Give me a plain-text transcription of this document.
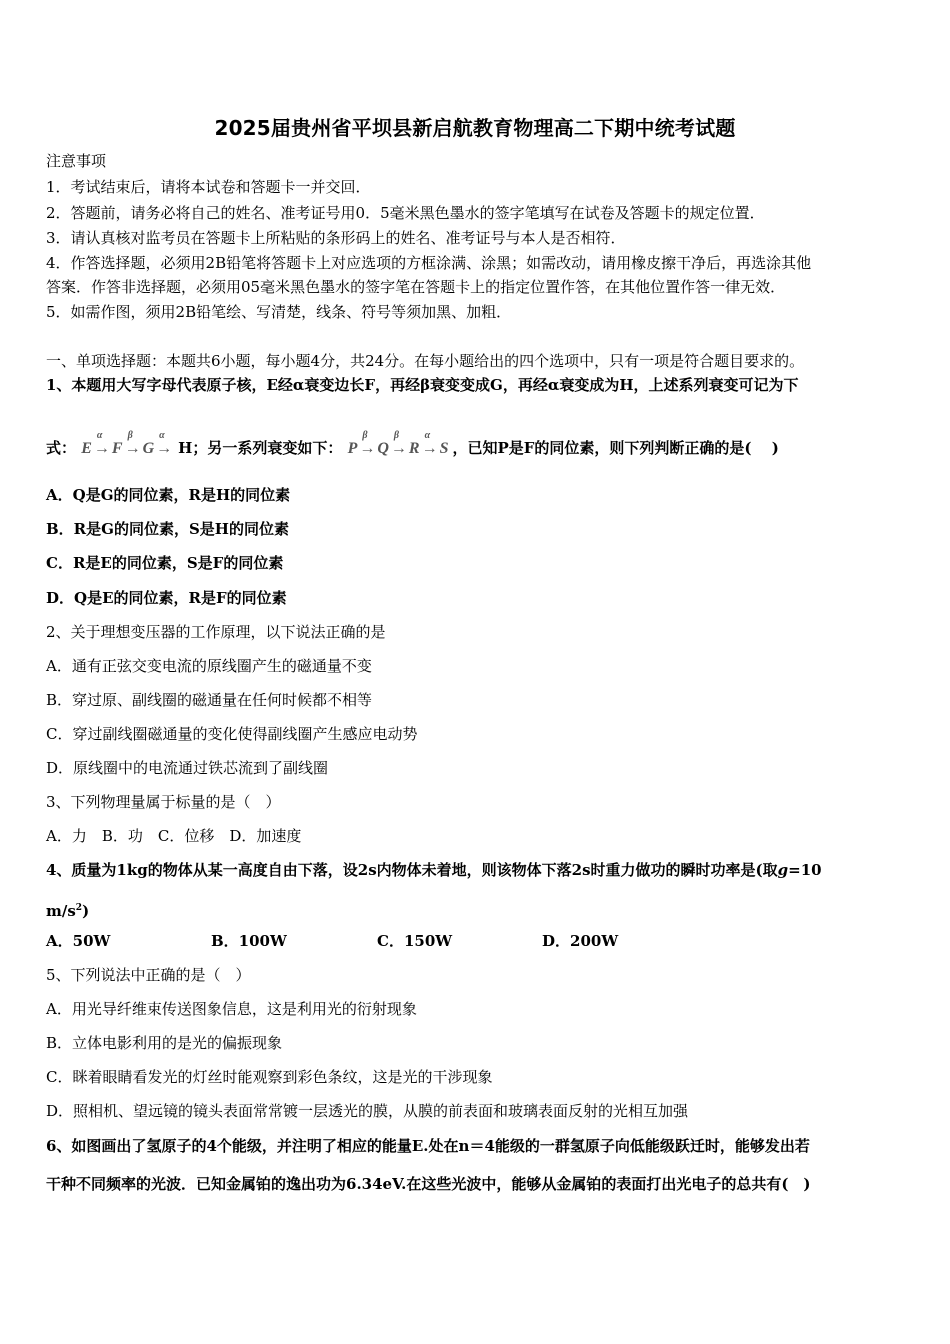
2025届贵州省平坝县新启航教育物理高二下期中统考试题
注意事项
1．考试结束后，请将本试卷和答题卡一并交回．
2．答题前，请务必将自己的姓名、准考证号用0．5毫米黑色墨水的签字笔填写在试卷及答题卡的规定位置．
3．请认真核对监考员在答题卡上所粘贴的条形码上的姓名、准考证号与本人是否相符．
4．作答选择题，必须用2B铅笔将答题卡上对应选项的方框涂满、涂黑；如需改动，请用橡皮擦干净后，再选涂其他
答案．作答非选择题，必须用05毫米黑色墨水的签字笔在答题卡上的指定位置作答，在其他位置作答一律无效．
5．如需作图，须用2B铅笔绘、写清楚，线条、符号等须加黑、加粗．
一、单项选择题：本题共6小题，每小题4分，共24分。在每小题给出的四个选项中，只有一项是符合题目要求的。
1、本题用大写字母代表原子核，E经α衰变边长F，再经β衰变变成G，再经α衰变成为H，上述系列衰变可记为下
式： E →
α
F →
β
G →
α
H；另一系列衰变如下： P →
β
Q →
β
R →
α
S ，已知P是F的同位素，则下列判断正确的是(　 )
A．Q是G的同位素，R是H的同位素
B．R是G的同位素，S是H的同位素
C．R是E的同位素，S是F的同位素
D．Q是E的同位素，R是F的同位素
2、关于理想变压器的工作原理，以下说法正确的是
A．通有正弦交变电流的原线圈产生的磁通量不变
B．穿过原、副线圈的磁通量在任何时候都不相等
C．穿过副线圈磁通量的变化使得副线圈产生感应电动势
D．原线圈中的电流通过铁芯流到了副线圈
3、下列物理量属于标量的是（　）
A．力　B．功　C．位移　D．加速度
4、质量为1kg的物体从某一高度自由下落，设2s内物体未着地，则该物体下落2s时重力做功的瞬时功率是(取g=10
$m/s^2$)
A．50W	B．100W	C．150W	D．200W
5、下列说法中正确的是（　）
A．用光导纤维束传送图象信息，这是利用光的衍射现象
B．立体电影利用的是光的偏振现象
C．眯着眼睛看发光的灯丝时能观察到彩色条纹，这是光的干涉现象
D．照相机、望远镜的镜头表面常常镀一层透光的膜，从膜的前表面和玻璃表面反射的光相互加强
6、如图画出了氢原子的4个能级，并注明了相应的能量E.处在n＝4能级的一群氢原子向低能级跃迁时，能够发出若
干种不同频率的光波．已知金属铂的逸出功为6.34eV.在这些光波中，能够从金属铂的表面打出光电子的总共有(　)
